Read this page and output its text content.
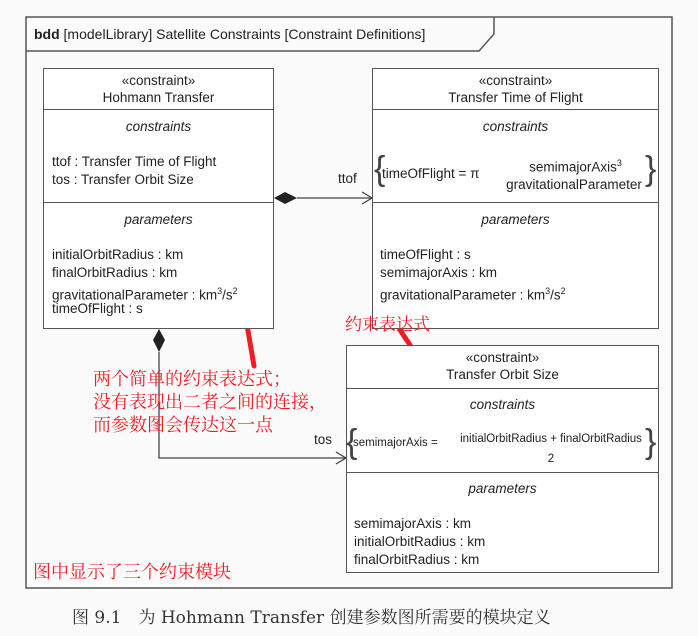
bdd [modelLibrary] Satellite Constraints [Constraint Definitions]
«constraint»
Hohmann Transfer
constraints
ttof : Transfer Time of Flight
tos : Transfer Orbit Size
parameters
initialOrbitRadius : km
finalOrbitRadius : km
gravitationalParameter : $km^3/s^2$
timeOfFlight : s
«constraint»
Transfer Time of Flight
constraints
{	}
timeOfFlight = π	semimajorAxis$^3$
gravitationalParameter
parameters
timeOfFlight : s
semimajorAxis : km
gravitationalParameter : $km^3/s^2$
«constraint»
Transfer Orbit Size
constraints
{	}
semimajorAxis =	initialOrbitRadius + finalOrbitRadius
2
parameters
semimajorAxis : km
initialOrbitRadius : km
finalOrbitRadius : km
ttof
tos
约束表达式
两个简单的约束表达式；
没有表现出二者之间的连接，
而参数图会传达这一点
图中显示了三个约束模块
图 9.1　为 Hohmann Transfer 创建参数图所需要的模块定义
